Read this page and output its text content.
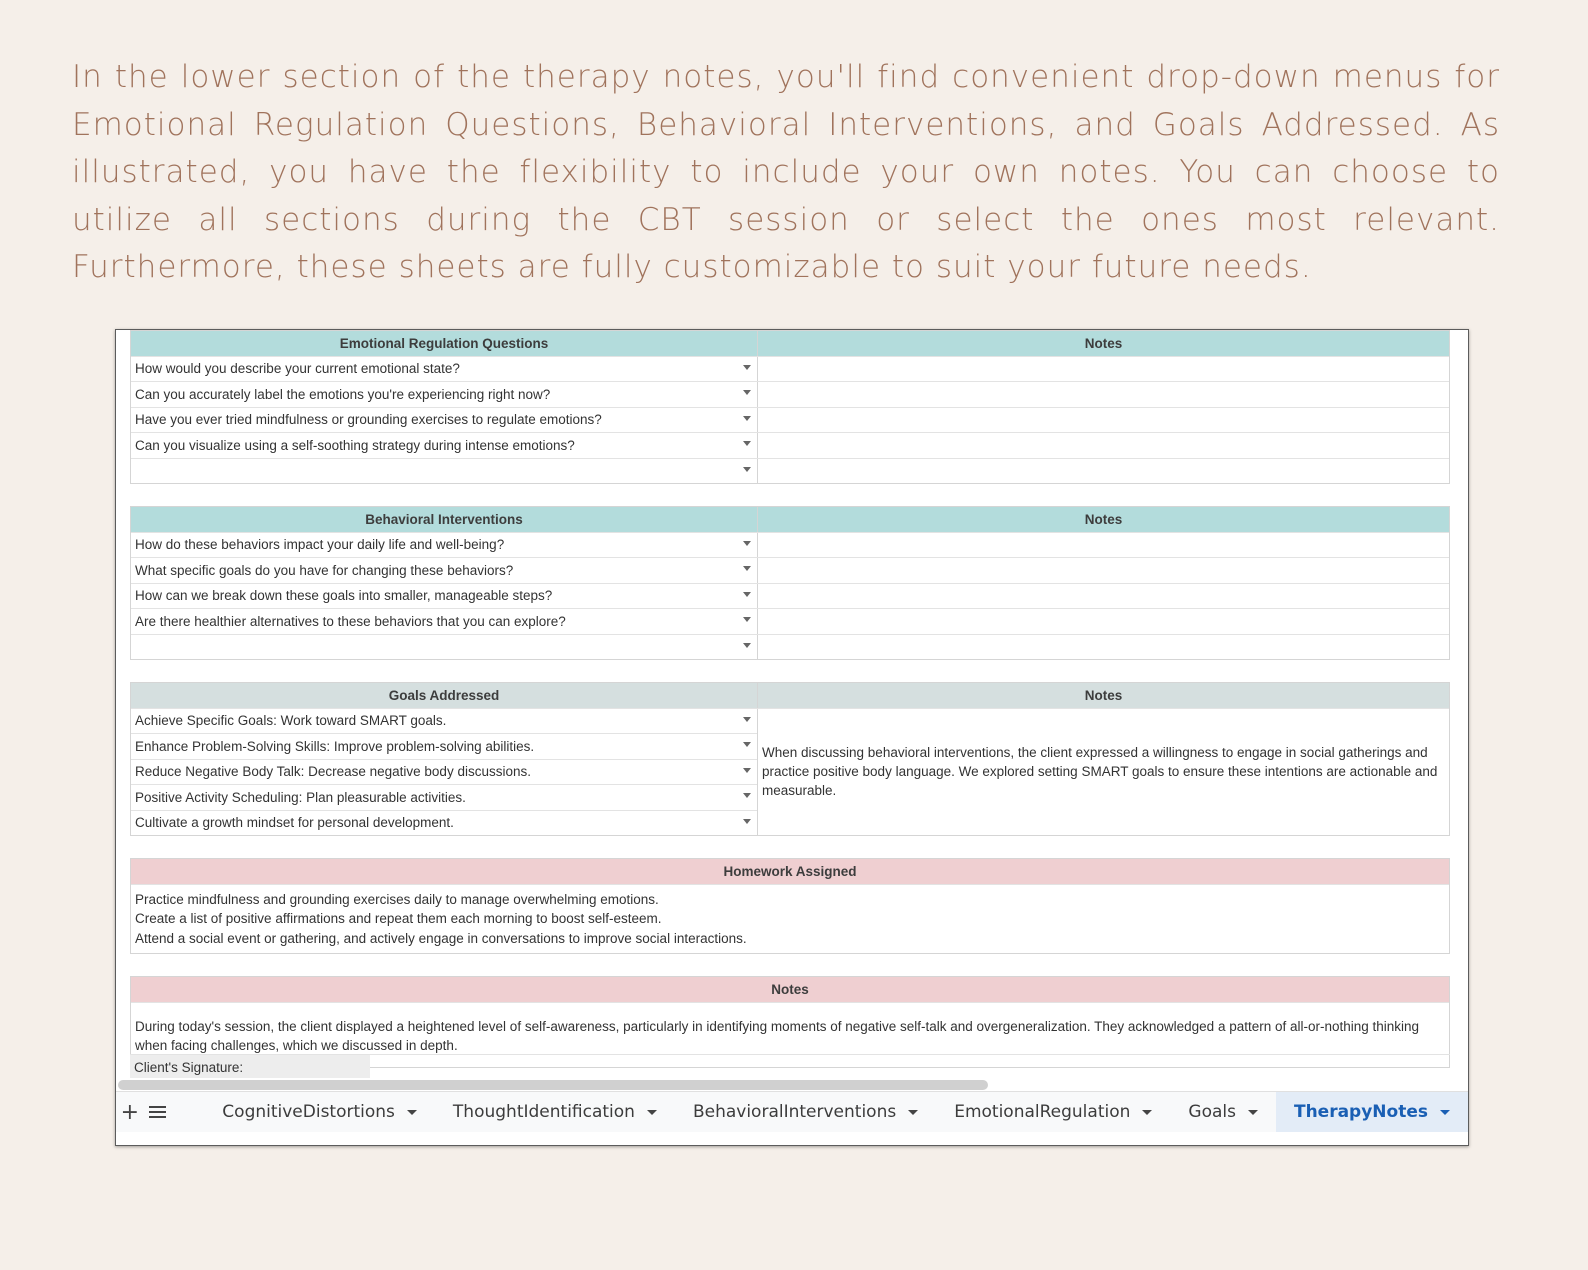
In the lower section of the therapy notes, you'll find convenient drop-down menus for Emotional Regulation Questions, Behavioral Interventions, and Goals Addressed. As illustrated, you have the flexibility to include your own notes. You can choose to utilize all sections during the CBT session or select the ones most relevant. Furthermore, these sheets are fully customizable to suit your future needs.

Emotional Regulation Questions	Notes
How would you describe your current emotional state?
Can you accurately label the emotions you're experiencing right now?
Have you ever tried mindfulness or grounding exercises to regulate emotions?
Can you visualize using a self-soothing strategy during intense emotions?
Behavioral Interventions	Notes
How do these behaviors impact your daily life and well-being?
What specific goals do you have for changing these behaviors?
How can we break down these goals into smaller, manageable steps?
Are there healthier alternatives to these behaviors that you can explore?
Goals Addressed	Notes
Achieve Specific Goals: Work toward SMART goals.
Enhance Problem-Solving Skills: Improve problem-solving abilities.
Reduce Negative Body Talk: Decrease negative body discussions.
Positive Activity Scheduling: Plan pleasurable activities.
Cultivate a growth mindset for personal development.
When discussing behavioral interventions, the client expressed a willingness to engage in social gatherings and practice positive body language. We explored setting SMART goals to ensure these intentions are actionable and measurable.
Homework Assigned
Practice mindfulness and grounding exercises daily to manage overwhelming emotions.
Create a list of positive affirmations and repeat them each morning to boost self-esteem.
Attend a social event or gathering, and actively engage in conversations to improve social interactions.
Notes
During today's session, the client displayed a heightened level of self-awareness, particularly in identifying moments of negative self-talk and overgeneralization. They acknowledged a pattern of all-or-nothing thinking when facing challenges, which we discussed in depth.
Client's Signature:
+	CognitiveDistortions	ThoughtIdentification	BehavioralInterventions	EmotionalRegulation	Goals	TherapyNotes
